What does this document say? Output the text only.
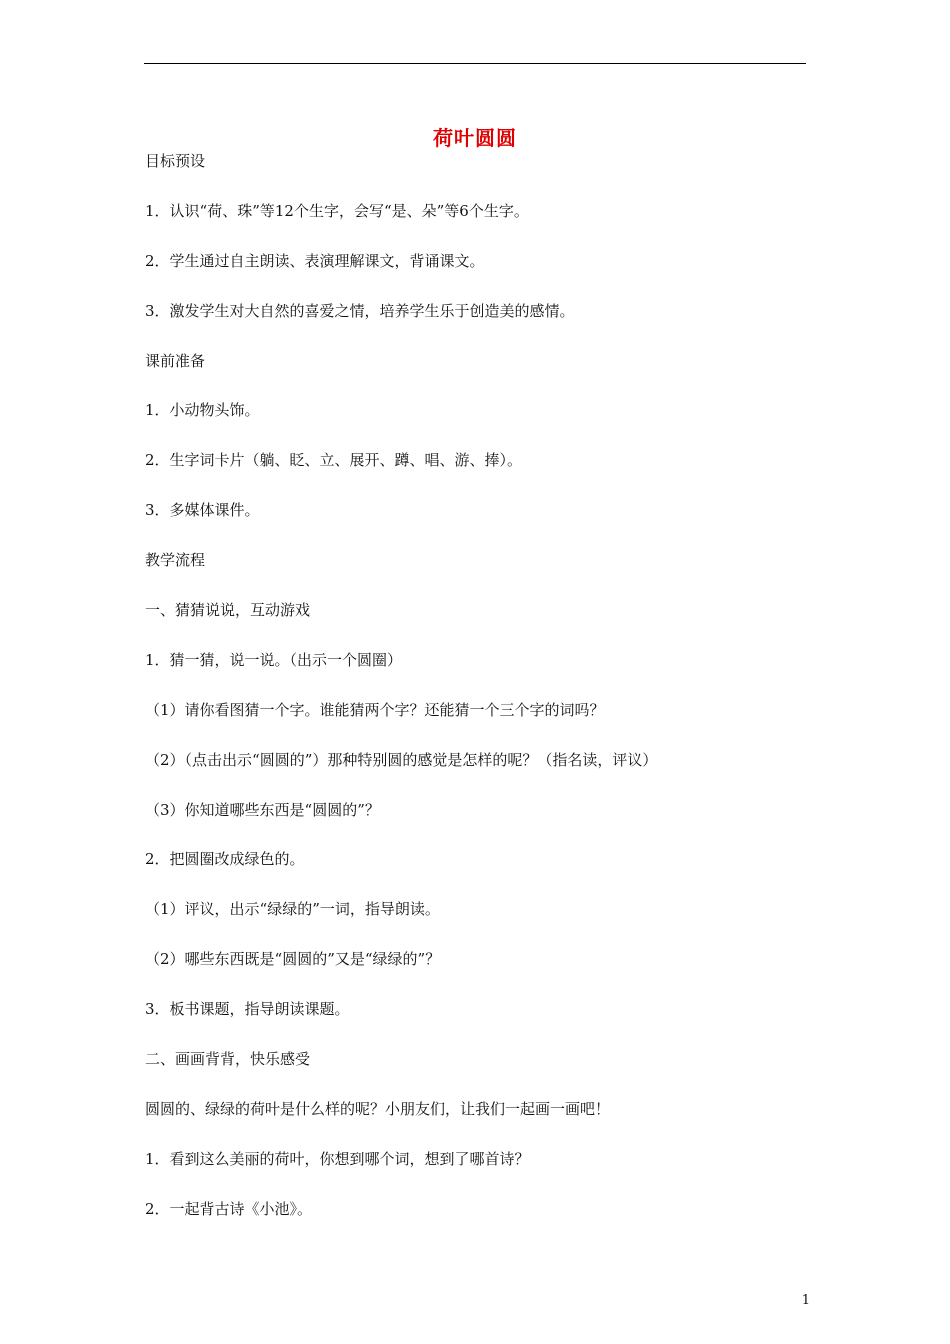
荷叶圆圆
目标预设
1．认识“荷、珠”等12个生字，会写“是、朵”等6个生字。
2．学生通过自主朗读、表演理解课文，背诵课文。
3．激发学生对大自然的喜爱之情，培养学生乐于创造美的感情。
课前准备
1．小动物头饰。
2．生字词卡片（躺、眨、立、展开、蹲、唱、游、捧）。
3．多媒体课件。
教学流程
一、猜猜说说，互动游戏
1．猜一猜，说一说。（出示一个圆圈）
（1）请你看图猜一个字。谁能猜两个字？还能猜一个三个字的词吗？
（2）（点击出示“圆圆的”）那种特别圆的感觉是怎样的呢？（指名读，评议）
（3）你知道哪些东西是“圆圆的”？
2．把圆圈改成绿色的。
（1）评议，出示“绿绿的”一词，指导朗读。
（2）哪些东西既是“圆圆的”又是“绿绿的”？
3．板书课题，指导朗读课题。
二、画画背背，快乐感受
圆圆的、绿绿的荷叶是什么样的呢？小朋友们，让我们一起画一画吧！
1．看到这么美丽的荷叶，你想到哪个词，想到了哪首诗？
2．一起背古诗《小池》。
1
